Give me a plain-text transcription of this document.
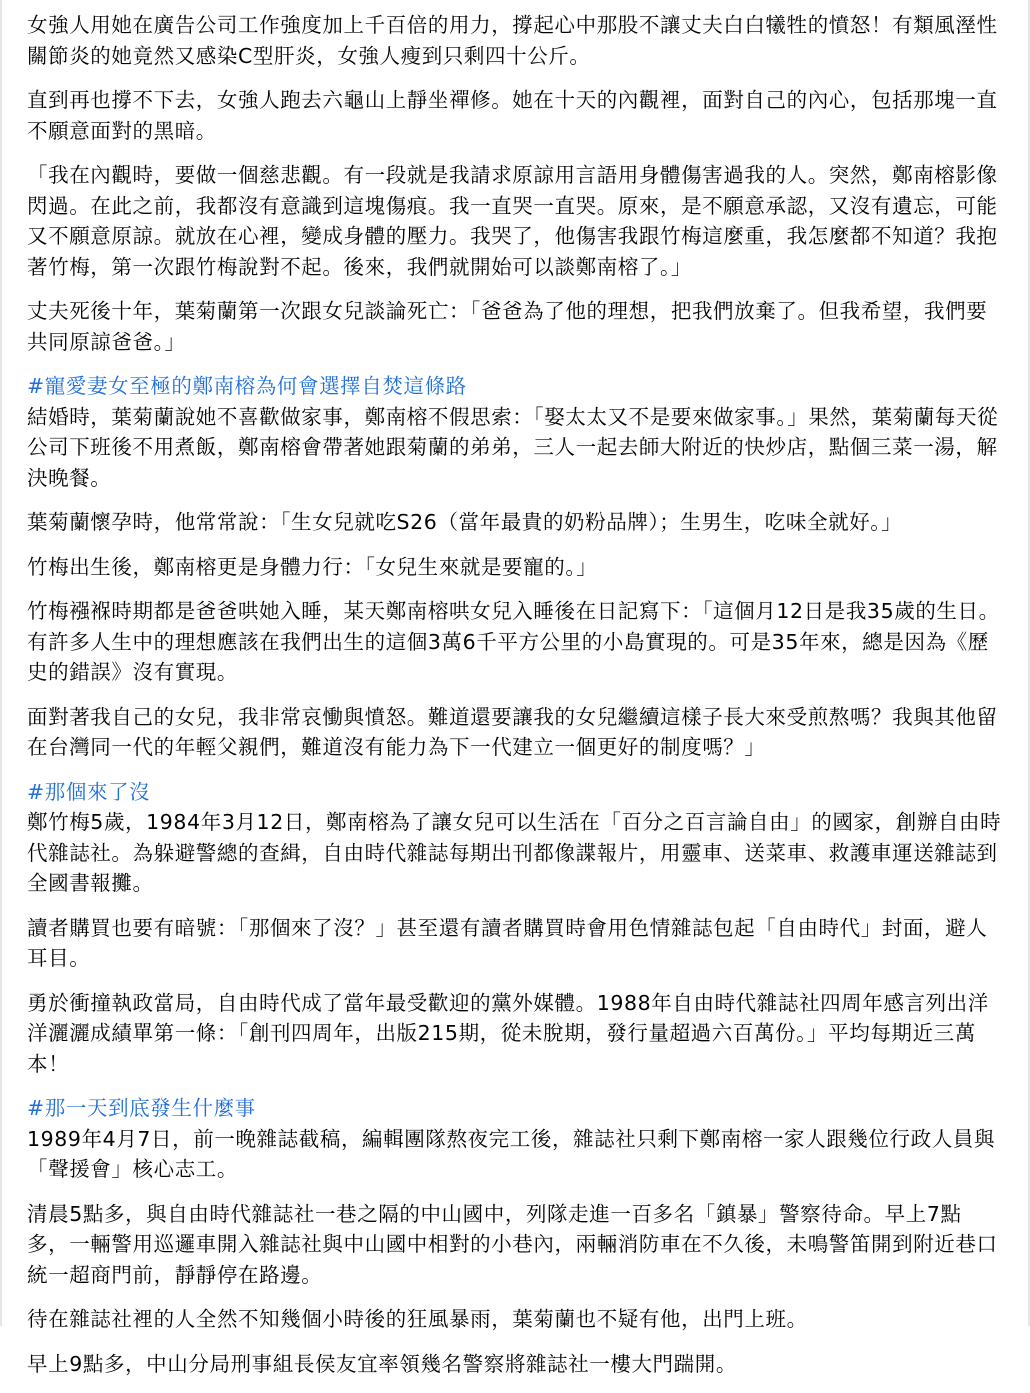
女強人用她在廣告公司工作強度加上千百倍的用力，撐起心中那股不讓丈夫白白犧牲的憤怒！有類風溼性關節炎的她竟然又感染C型肝炎，女強人瘦到只剩四十公斤。

直到再也撐不下去，女強人跑去六龜山上靜坐禪修。她在十天的內觀裡，面對自己的內心，包括那塊一直不願意面對的黑暗。

「我在內觀時，要做一個慈悲觀。有一段就是我請求原諒用言語用身體傷害過我的人。突然，鄭南榕影像閃過。在此之前，我都沒有意識到這塊傷痕。我一直哭一直哭。原來，是不願意承認，又沒有遺忘，可能又不願意原諒。就放在心裡，變成身體的壓力。我哭了，他傷害我跟竹梅這麼重，我怎麼都不知道？我抱著竹梅，第一次跟竹梅說對不起。後來，我們就開始可以談鄭南榕了。」

丈夫死後十年，葉菊蘭第一次跟女兒談論死亡：「爸爸為了他的理想，把我們放棄了。但我希望，我們要共同原諒爸爸。」

#寵愛妻女至極的鄭南榕為何會選擇自焚這條路

結婚時，葉菊蘭說她不喜歡做家事，鄭南榕不假思索：「娶太太又不是要來做家事。」果然，葉菊蘭每天從公司下班後不用煮飯，鄭南榕會帶著她跟菊蘭的弟弟，三人一起去師大附近的快炒店，點個三菜一湯，解決晚餐。

葉菊蘭懷孕時，他常常說：「生女兒就吃S26（當年最貴的奶粉品牌）；生男生，吃味全就好。」

竹梅出生後，鄭南榕更是身體力行：「女兒生來就是要寵的。」

竹梅襁褓時期都是爸爸哄她入睡，某天鄭南榕哄女兒入睡後在日記寫下：「這個月12日是我35歲的生日。有許多人生中的理想應該在我們出生的這個3萬6千平方公里的小島實現的。可是35年來，總是因為《歷史的錯誤》沒有實現。

面對著我自己的女兒，我非常哀慟與憤怒。難道還要讓我的女兒繼續這樣子長大來受煎熬嗎？我與其他留在台灣同一代的年輕父親們，難道沒有能力為下一代建立一個更好的制度嗎？」

#那個來了沒

鄭竹梅5歲，1984年3月12日，鄭南榕為了讓女兒可以生活在「百分之百言論自由」的國家，創辦自由時代雜誌社。為躲避警總的查緝，自由時代雜誌每期出刊都像諜報片，用靈車、送菜車、救護車運送雜誌到全國書報攤。

讀者購買也要有暗號：「那個來了沒？」甚至還有讀者購買時會用色情雜誌包起「自由時代」封面，避人耳目。

勇於衝撞執政當局，自由時代成了當年最受歡迎的黨外媒體。1988年自由時代雜誌社四周年感言列出洋洋灑灑成績單第一條：「創刊四周年，出版215期，從未脫期，發行量超過六百萬份。」平均每期近三萬本！

#那一天到底發生什麼事

1989年4月7日，前一晚雜誌截稿，編輯團隊熬夜完工後，雜誌社只剩下鄭南榕一家人跟幾位行政人員與「聲援會」核心志工。

清晨5點多，與自由時代雜誌社一巷之隔的中山國中，列隊走進一百多名「鎮暴」警察待命。早上7點多，一輛警用巡邏車開入雜誌社與中山國中相對的小巷內，兩輛消防車在不久後，未鳴警笛開到附近巷口統一超商門前，靜靜停在路邊。

待在雜誌社裡的人全然不知幾個小時後的狂風暴雨，葉菊蘭也不疑有他，出門上班。

早上9點多，中山分局刑事組長侯友宜率領幾名警察將雜誌社一樓大門踹開。
